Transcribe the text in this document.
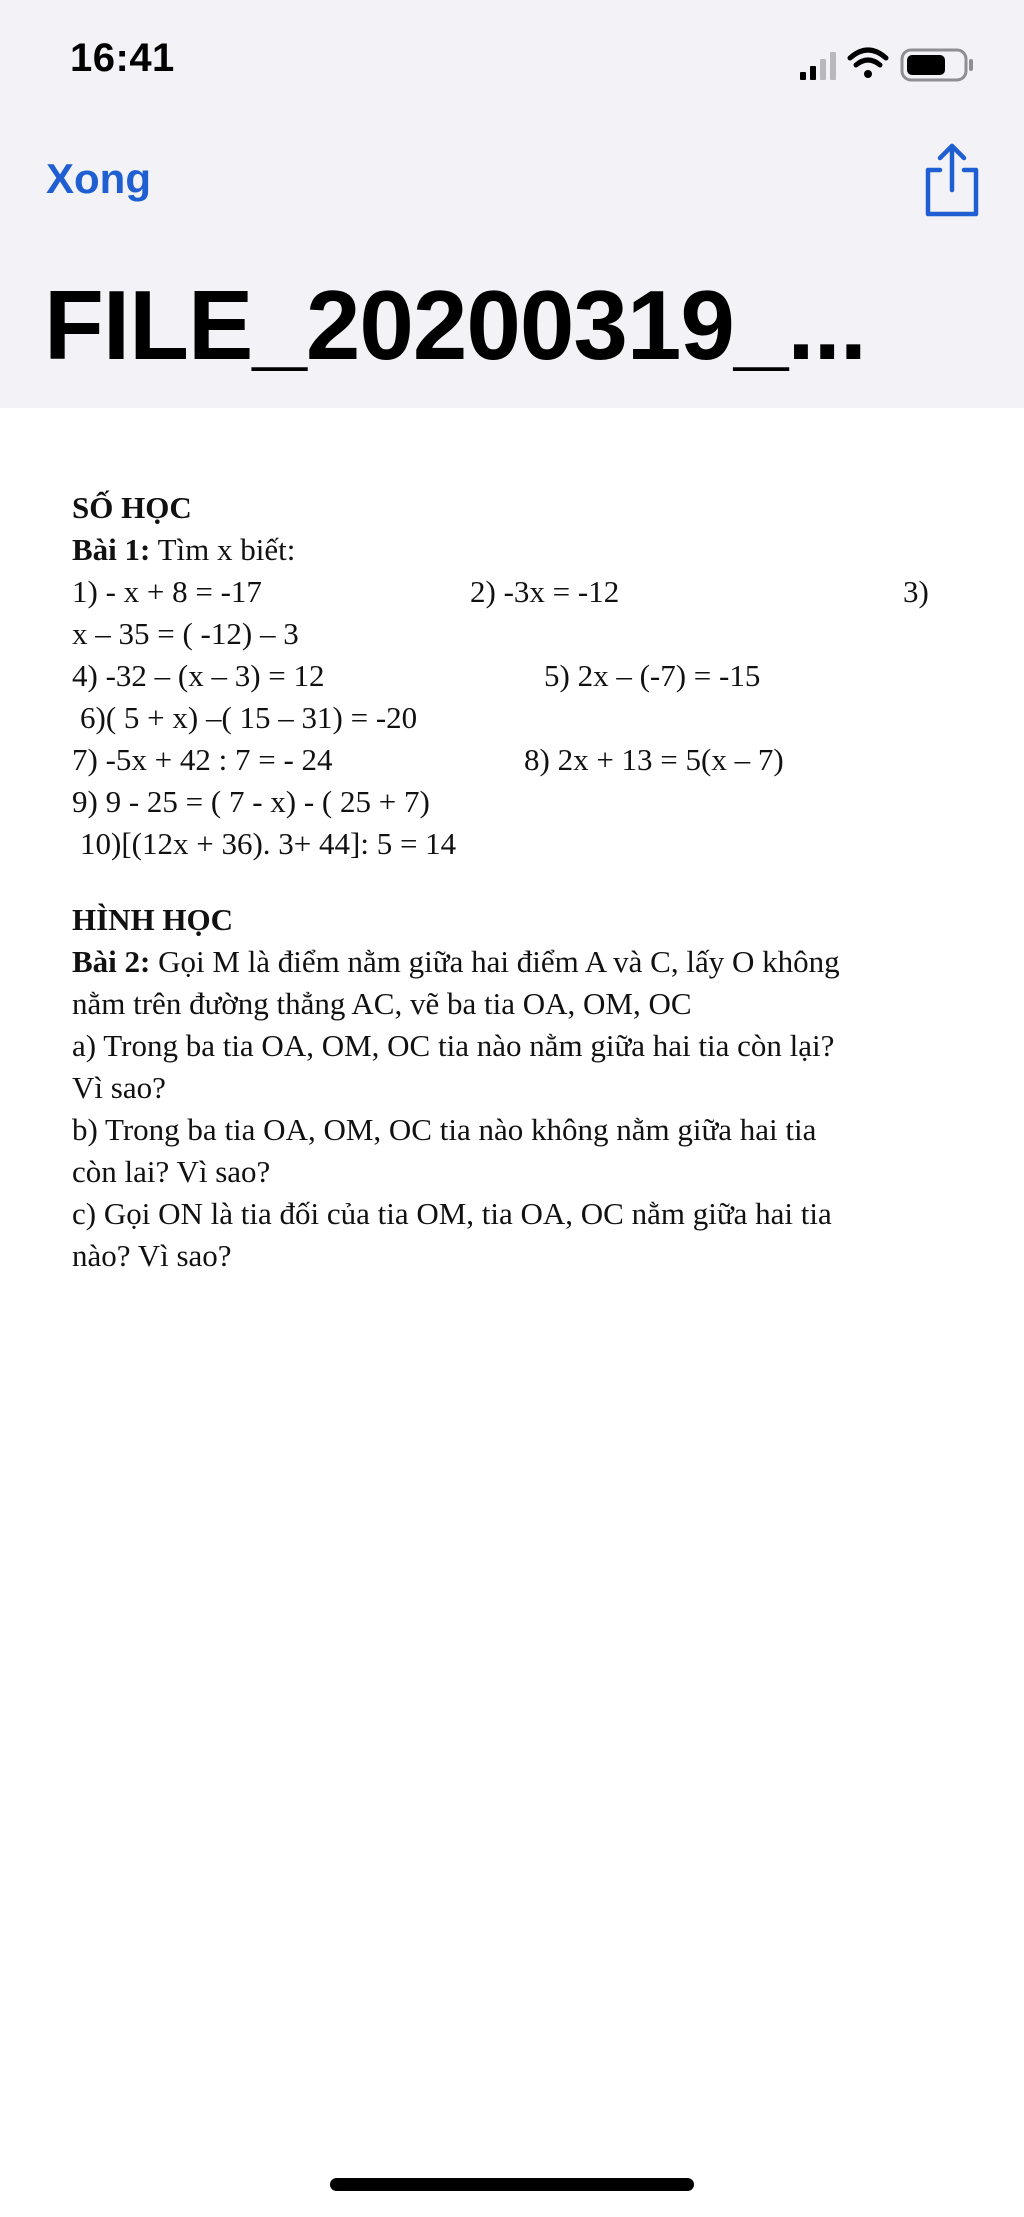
16:41
Xong
FILE_20200319_...
SỐ HỌC
Bài 1: Tìm x biết:
1) - x + 8 = -17	2) -3x = -12	3)
x – 35 = ( -12) – 3
4) -32 – (x – 3) = 12	5) 2x – (-7) = -15
6)( 5 + x) –( 15 – 31) = -20
7) -5x + 42 : 7 = - 24	8) 2x + 13 = 5(x – 7)
9) 9 - 25 = ( 7 - x) - ( 25 + 7)
10)[(12x + 36). 3+ 44]: 5 = 14
HÌNH HỌC
Bài 2: Gọi M là điểm nằm giữa hai điểm A và C, lấy O không
nằm trên đường thẳng AC, vẽ ba tia OA, OM, OC
a) Trong ba tia OA, OM, OC tia nào nằm giữa hai tia còn lại?
Vì sao?
b) Trong ba tia OA, OM, OC tia nào không nằm giữa hai tia
còn lai? Vì sao?
c) Gọi ON là tia đối của tia OM, tia OA, OC nằm giữa hai tia
nào? Vì sao?
